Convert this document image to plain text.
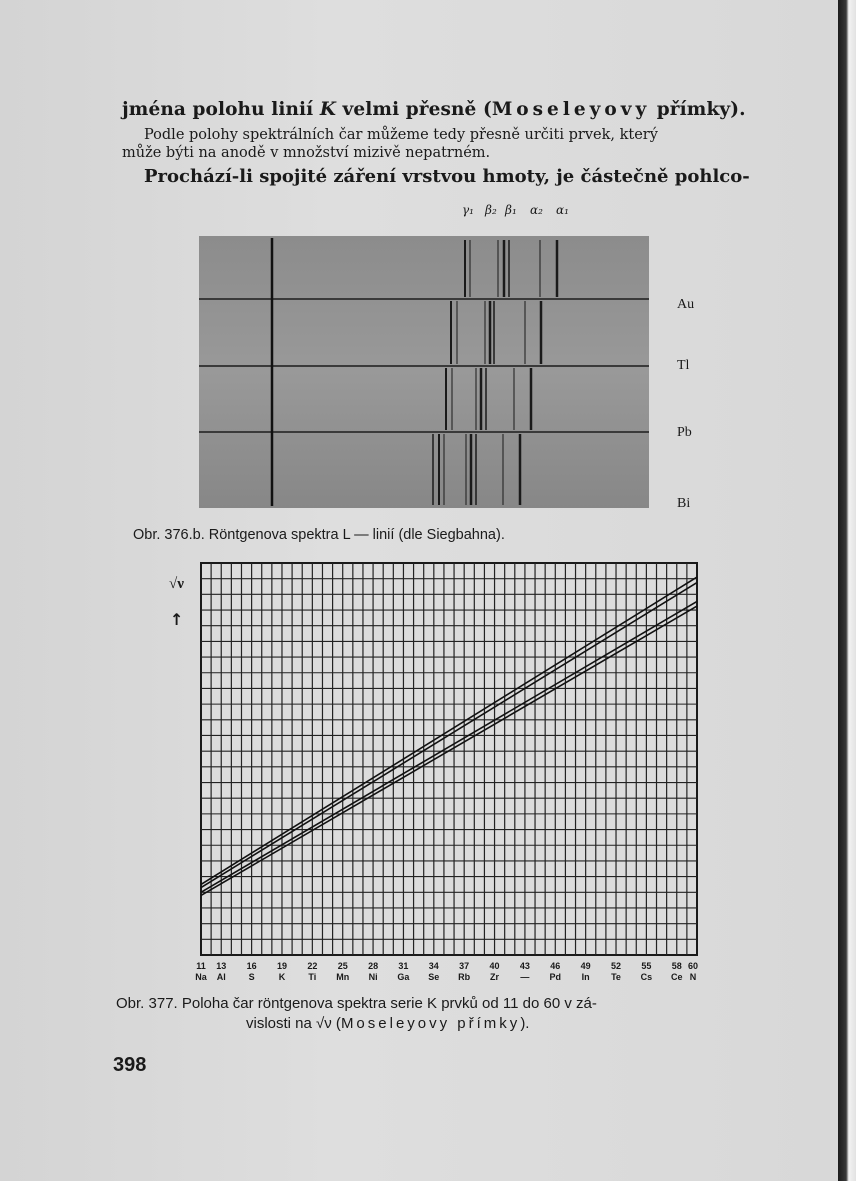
jména polohu linií K velmi přesně (Moseleyovy přímky).
Podle polohy spektrálních čar můžeme tedy přesně určiti prvek, který
může býti na anodě v množství mizivě nepatrném.
Prochází-li spojité záření vrstvou hmoty, je částečně pohlco-
γ₁ β₂ β₁ α₂ α₁
Au
Tl
Pb
Bi
Obr. 376.b. Röntgenova spektra L — linií (dle Siegbahna).
√ν
↑
11
Na
13
Al
16
S
19
K
22
Ti
25
Mn
28
Ni
31
Ga
34
Se
37
Rb
40
Zr
43
—
46
Pd
49
In
52
Te
55
Cs
58
Ce
60
N
Obr. 377. Poloha čar röntgenova spektra serie K prvků od 11 do 60 v zá-
vislosti na √ν (Moseleyovy přímky).
398
